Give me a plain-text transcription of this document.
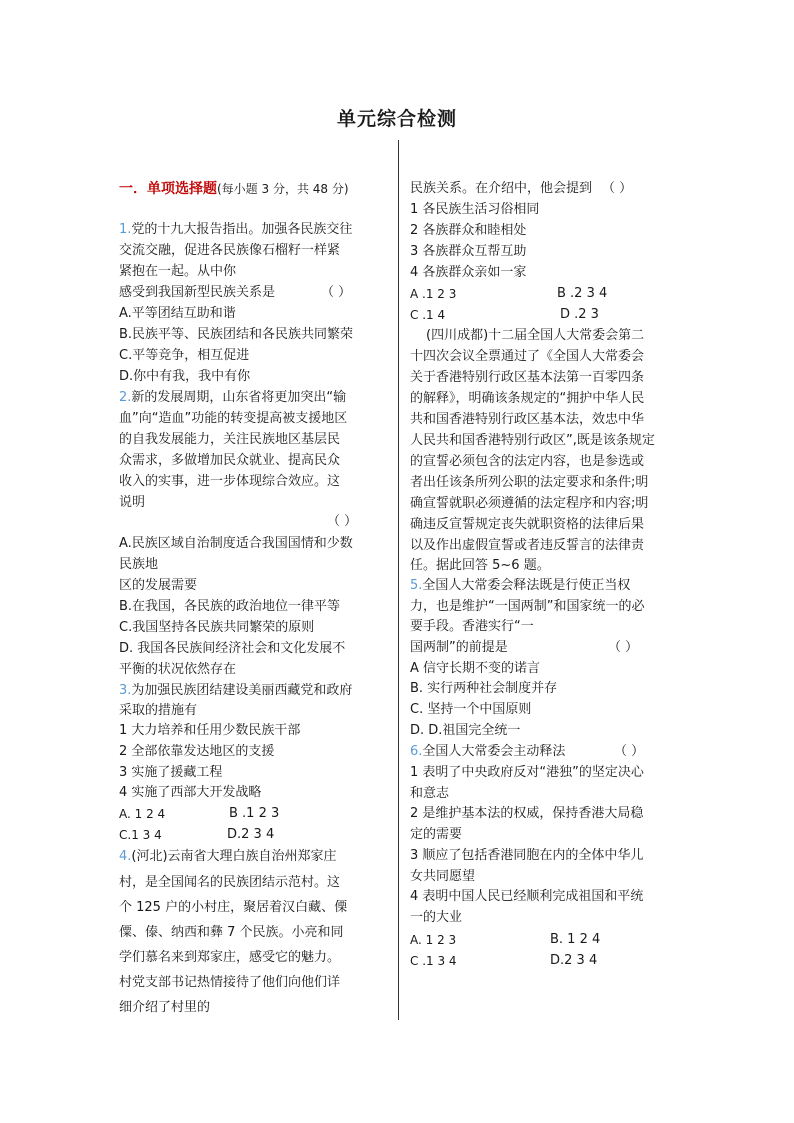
单元综合检测
一．单项选择题(每小题 3 分，共 48 分)
1.党的十九大报告指出。加强各民族交往
交流交融，促进各民族像石榴籽一样紧
紧抱在一起。从中你
感受到我国新型民族关系是	（ ）
A.平等团结互助和谐
B.民族平等、民族团结和各民族共同繁荣
C.平等竞争，相互促进
D.你中有我，我中有你
2.新的发展周期，山东省将更加突出“输
血”向“造血”功能的转变提高被支援地区
的自我发展能力，关注民族地区基层民
众需求，多做增加民众就业、提高民众
收入的实事，进一步体现综合效应。这
说明
（ ）
A.民族区域自治制度适合我国国情和少数
民族地
区的发展需要
B.在我国，各民族的政治地位一律平等
C.我国坚持各民族共同繁荣的原则
D. 我国各民族间经济社会和文化发展不
平衡的状况依然存在
3.为加强民族团结建设美丽西藏党和政府
采取的措施有
1 大力培养和任用少数民族干部
2 全部依靠发达地区的支援
3 实施了援藏工程
4 实施了西部大开发战略
A. 1 2 4	B .1 2 3
C.1 3 4	D.2 3 4
4.(河北)云南省大理白族自治州郑家庄
村，是全国闻名的民族团结示范村。这
个 125 户的小村庄，聚居着汉白藏、傈
僳、傣、纳西和彝 7 个民族。小亮和同
学们慕名来到郑家庄，感受它的魅力。
村党支部书记热情接待了他们向他们详
细介绍了村里的
民族关系。在介绍中，他会提到 （ ）
1 各民族生活习俗相同
2 各族群众和睦相处
3 各族群众互帮互助
4 各族群众亲如一家
A .1 2 3	B .2 3 4
C .1 4	D .2 3
(四川成都)十二届全国人大常委会第二
十四次会议全票通过了《全国人大常委会
关于香港特别行政区基本法第一百零四条
的解释》，明确该条规定的“拥护中华人民
共和国香港特别行政区基本法，效忠中华
人民共和国香港特别行政区”,既是该条规定
的宣誓必须包含的法定内容，也是参选或
者出任该条所列公职的法定要求和条件;明
确宣誓就职必须遵循的法定程序和内容;明
确违反宣誓规定丧失就职资格的法律后果
以及作出虚假宣誓或者违反誓言的法律责
任。据此回答 5~6 题。
5.全国人大常委会释法既是行使正当权
力，也是维护“一国两制”和国家统一的必
要手段。香港实行“一
国两制”的前提是	（ ）
A 信守长期不变的诺言
B. 实行两种社会制度并存
C. 坚持一个中国原则
D. D.祖国完全统一
6.全国人大常委会主动释法	（ ）
1 表明了中央政府反对“港独”的坚定决心
和意志
2 是维护基本法的权威，保持香港大局稳
定的需要
3 顺应了包括香港同胞在内的全体中华儿
女共同愿望
4 表明中国人民已经顺利完成祖国和平统
一的大业
A. 1 2 3	B. 1 2 4
C .1 3 4	D.2 3 4
